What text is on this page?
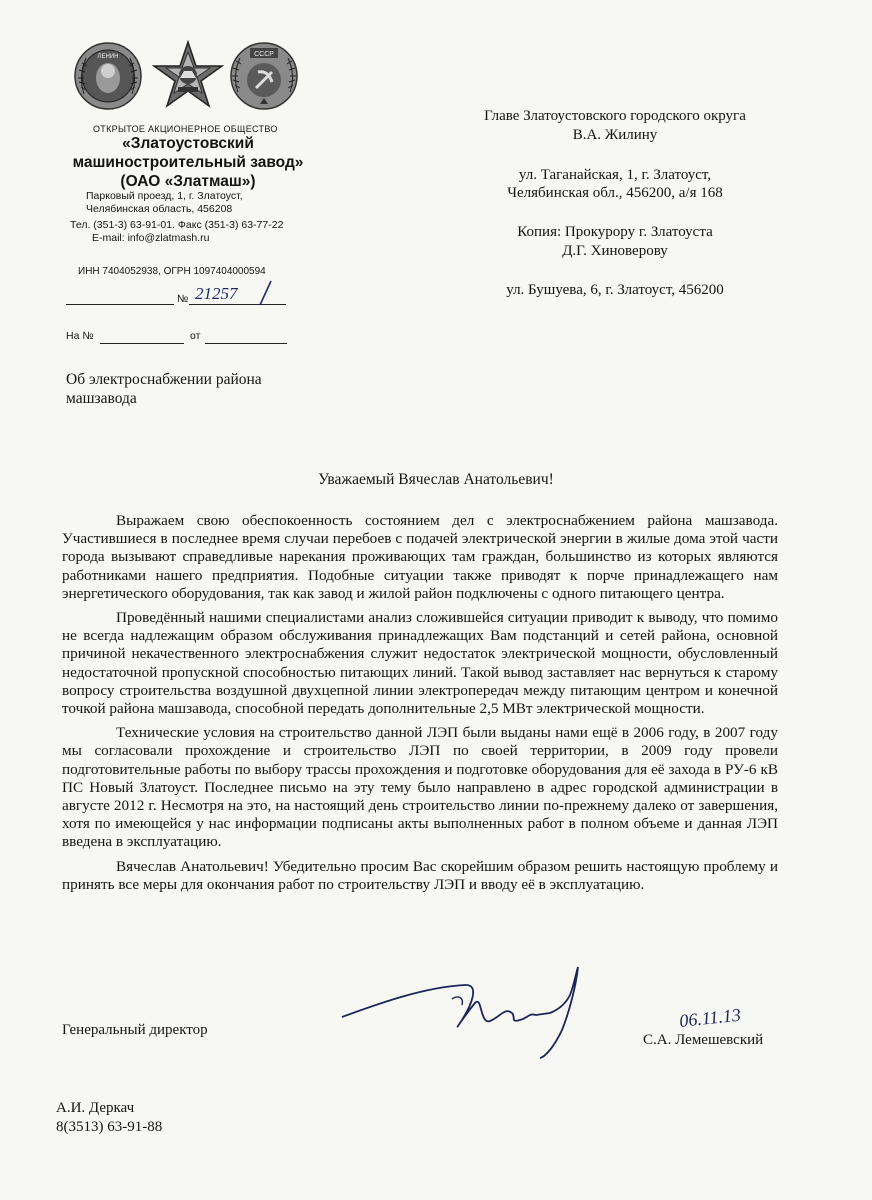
ЛЕНИН	СССР
ОТКРЫТОЕ АКЦИОНЕРНОЕ ОБЩЕСТВО
«Златоустовский
машиностроительный завод»
(ОАО «Златмаш»)
Парковый проезд, 1, г. Златоуст,
Челябинская область, 456208
Тел. (351-3) 63-91-01. Факс (351-3) 63-77-22
E-mail: info@zlatmash.ru
ИНН 7404052938, ОГРН 1097404000594
№ 21257
На №	от
Главе Златоустовского городского округа
В.А. Жилину
ул. Таганайская, 1, г. Златоуст,
Челябинская обл., 456200, а/я 168
Копия: Прокурору г. Златоуста
Д.Г. Хиноверову
ул. Бушуева, 6, г. Златоуст, 456200
Об электроснабжении района
машзавода
Уважаемый Вячеслав Анатольевич!

Выражаем свою обеспокоенность состоянием дел с электроснабжением района машзавода. Участившиеся в последнее время случаи перебоев с подачей электрической энергии в жилые дома этой части города вызывают справедливые нарекания проживающих там граждан, большинство из которых являются работниками нашего предприятия. Подобные ситуации также приводят к порче принадлежащего нам энергетического оборудования, так как завод и жилой район подключены с одного питающего центра.

Проведённый нашими специалистами анализ сложившейся ситуации приводит к выводу, что помимо не всегда надлежащим образом обслуживания принадлежащих Вам подстанций и сетей района, основной причиной некачественного электроснабжения служит недостаток электрической мощности, обусловленный недостаточной пропускной способностью питающих линий. Такой вывод заставляет нас вернуться к старому вопросу строительства воздушной двухцепной линии электропередач между питающим центром и конечной точкой района машзавода, способной передать дополнительные 2,5 МВт электрической мощности.

Технические условия на строительство данной ЛЭП были выданы нами ещё в 2006 году, в 2007 году мы согласовали прохождение и строительство ЛЭП по своей территории, в 2009 году провели подготовительные работы по выбору трассы прохождения и подготовке оборудования для её захода в РУ-6 кВ ПС Новый Златоуст. Последнее письмо на эту тему было направлено в адрес городской администрации в августе 2012 г. Несмотря на это, на настоящий день строительство линии по-прежнему далеко от завершения, хотя по имеющейся у нас информации подписаны акты выполненных работ в полном объеме и данная ЛЭП введена в эксплуатацию.

Вячеслав Анатольевич! Убедительно просим Вас скорейшим образом решить настоящую проблему и принять все меры для окончания работ по строительству ЛЭП и вводу её в эксплуатацию.

06.11.13
Генеральный директор
С.А. Лемешевский
А.И. Деркач
8(3513) 63-91-88
